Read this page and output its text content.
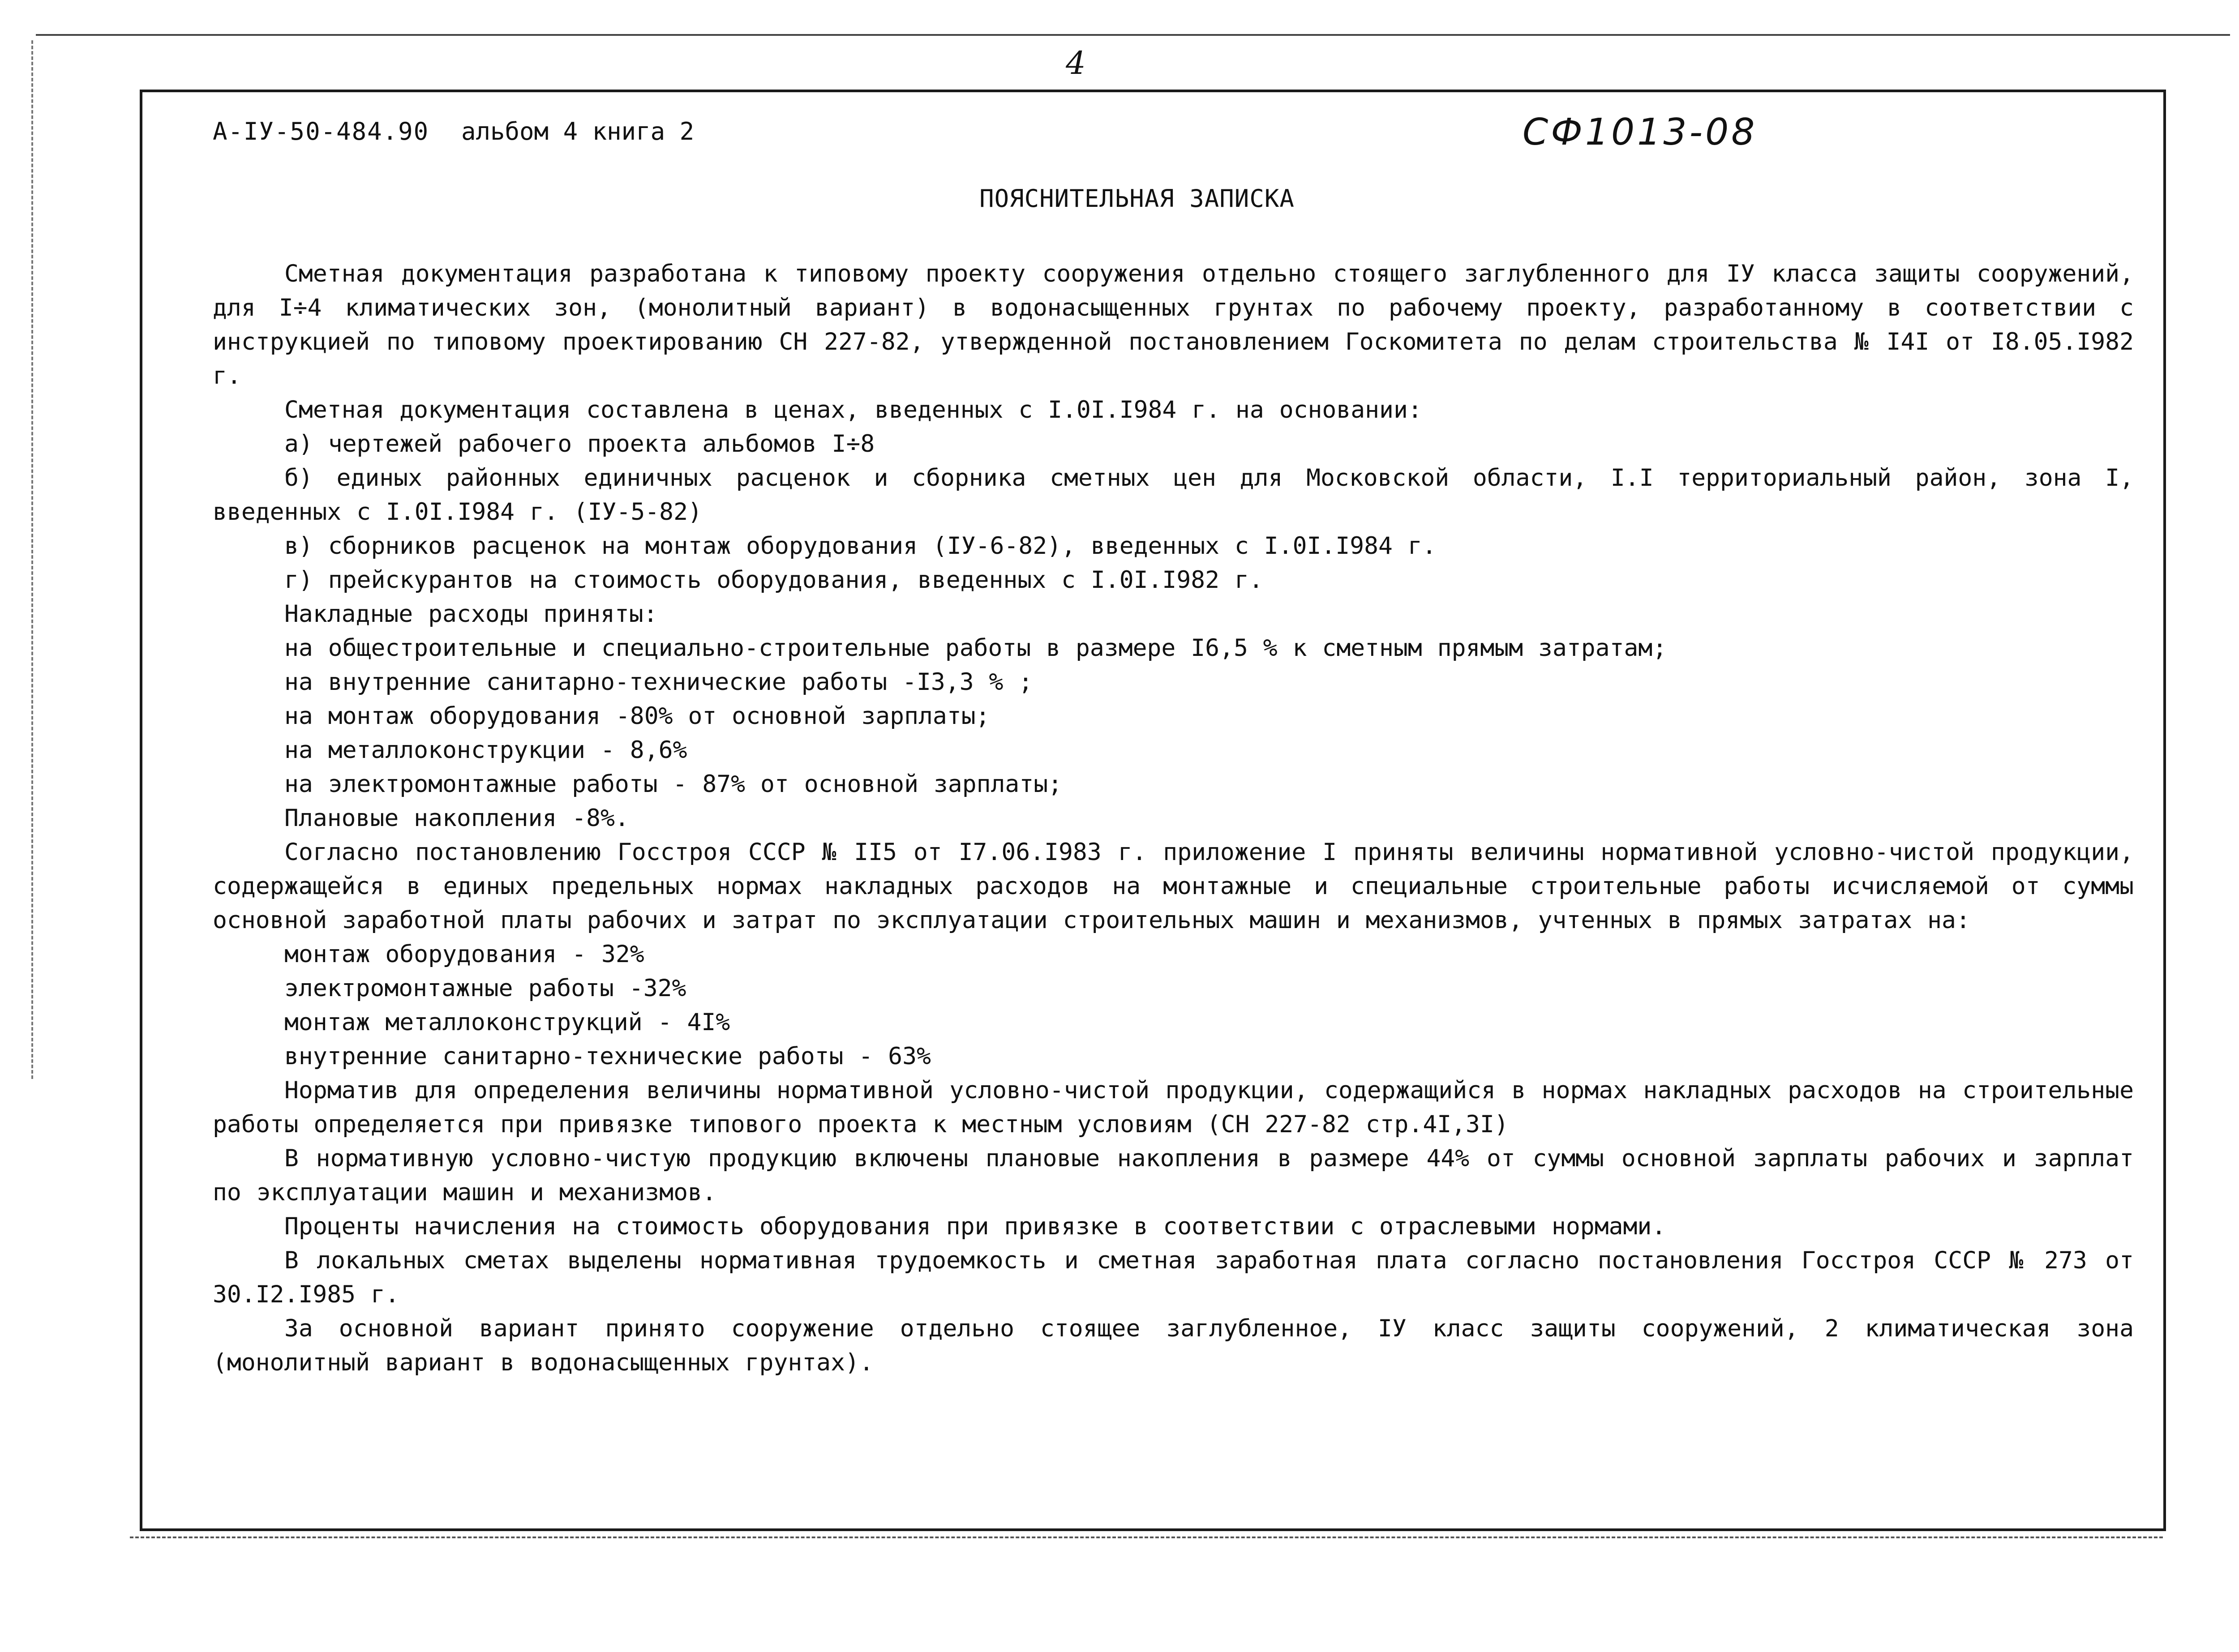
4
А-IУ-50-484.90 альбом 4 книга 2	СФ1013-08
ПОЯСНИТЕЛЬНАЯ ЗАПИСКА

Сметная документация разработана к типовому проекту сооружения отдельно стоящего заглубленного для IУ класса защиты сооружений, для I÷4 климатических зон, (монолитный вариант) в водонасыщенных грунтах по рабочему проекту, разработанному в соответствии с инструкцией по типовому проектированию СН 227-82, утвержденной постановлением Госкомитета по делам строительства № I4I от I8.05.I982 г.

Сметная документация составлена в ценах, введенных с I.0I.I984 г. на основании:

а) чертежей рабочего проекта альбомов I÷8

б) единых районных единичных расценок и сборника сметных цен для Московской области, I.I территориальный район, зона I, введенных с I.0I.I984 г. (IУ-5-82)

в) сборников расценок на монтаж оборудования (IУ-6-82), введенных с I.0I.I984 г.

г) прейскурантов на стоимость оборудования, введенных с I.0I.I982 г.

Накладные расходы приняты:

на общестроительные и специально-строительные работы в размере I6,5 % к сметным прямым затратам;

на внутренние санитарно-технические работы -I3,3 % ;

на монтаж оборудования -80% от основной зарплаты;

на металлоконструкции - 8,6%

на электромонтажные работы - 87% от основной зарплаты;

Плановые накопления -8%.

Согласно постановлению Госстроя СССР № II5 от I7.06.I983 г. приложение I приняты величины нормативной условно-чистой продукции, содержащейся в единых предельных нормах накладных расходов на монтажные и специальные строительные работы исчисляемой от суммы основной заработной платы рабочих и затрат по эксплуатации строительных машин и механизмов, учтенных в прямых затратах на:

монтаж оборудования - 32%

электромонтажные работы -32%

монтаж металлоконструкций - 4I%

внутренние санитарно-технические работы - 63%

Норматив для определения величины нормативной условно-чистой продукции, содержащийся в нормах накладных расходов на строительные работы определяется при привязке типового проекта к местным условиям (СН 227-82 стр.4I,3I)

В нормативную условно-чистую продукцию включены плановые накопления в размере 44% от суммы основной зарплаты рабочих и зарплат по эксплуатации машин и механизмов.

Проценты начисления на стоимость оборудования при привязке в соответствии с отраслевыми нормами.

В локальных сметах выделены нормативная трудоемкость и сметная заработная плата согласно постановления Госстроя СССР № 273 от 30.I2.I985 г.

За основной вариант принято сооружение отдельно стоящее заглубленное, IУ класс защиты сооружений, 2 климатическая зона (монолитный вариант в водонасыщенных грунтах).
